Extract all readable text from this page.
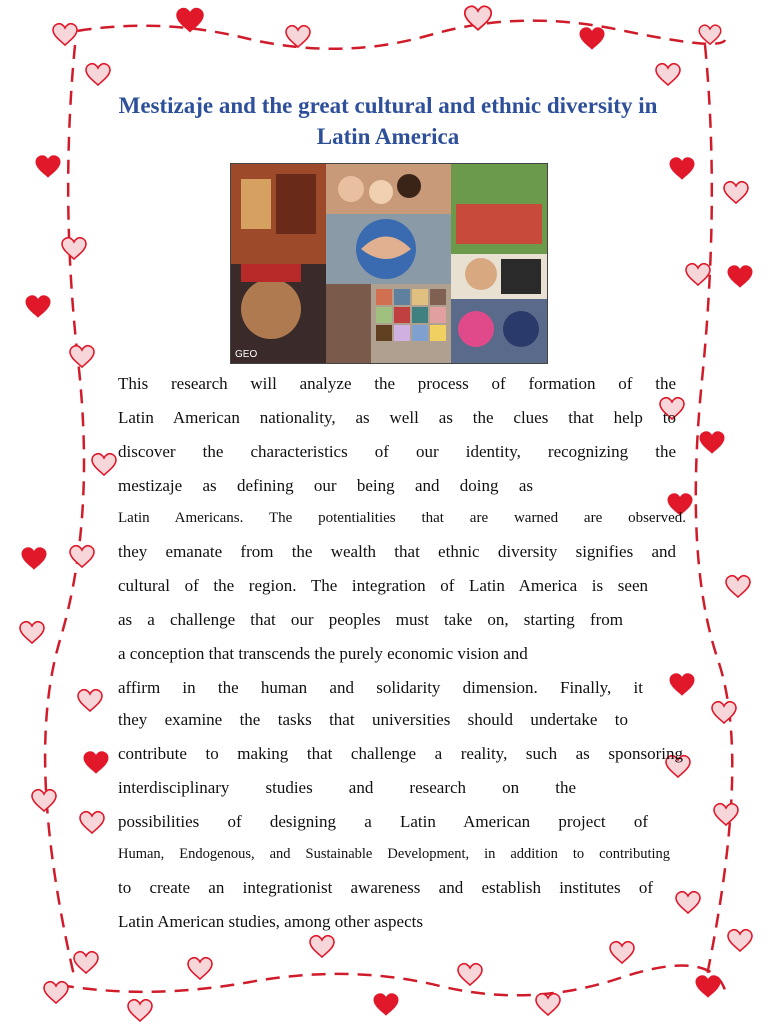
Mestizaje and the great cultural and ethnic diversity in Latin America
GEO
This research will analyze the process of formation of the
Latin American nationality, as well as the clues that help to
discover the characteristics of our identity, recognizing the
mestizaje as defining our being and doing as
Latin Americans. The potentialities that are warned are observed.
they emanate from the wealth that ethnic diversity signifies and
cultural of the region. The integration of Latin America is seen
as a challenge that our peoples must take on, starting from
a conception that transcends the purely economic vision and
affirm in the human and solidarity dimension. Finally, it
they examine the tasks that universities should undertake to
contribute to making that challenge a reality, such as sponsoring
interdisciplinary studies and research on the
possibilities of designing a Latin American project of
Human, Endogenous, and Sustainable Development, in addition to contributing
to create an integrationist awareness and establish institutes of
Latin American studies, among other aspects
